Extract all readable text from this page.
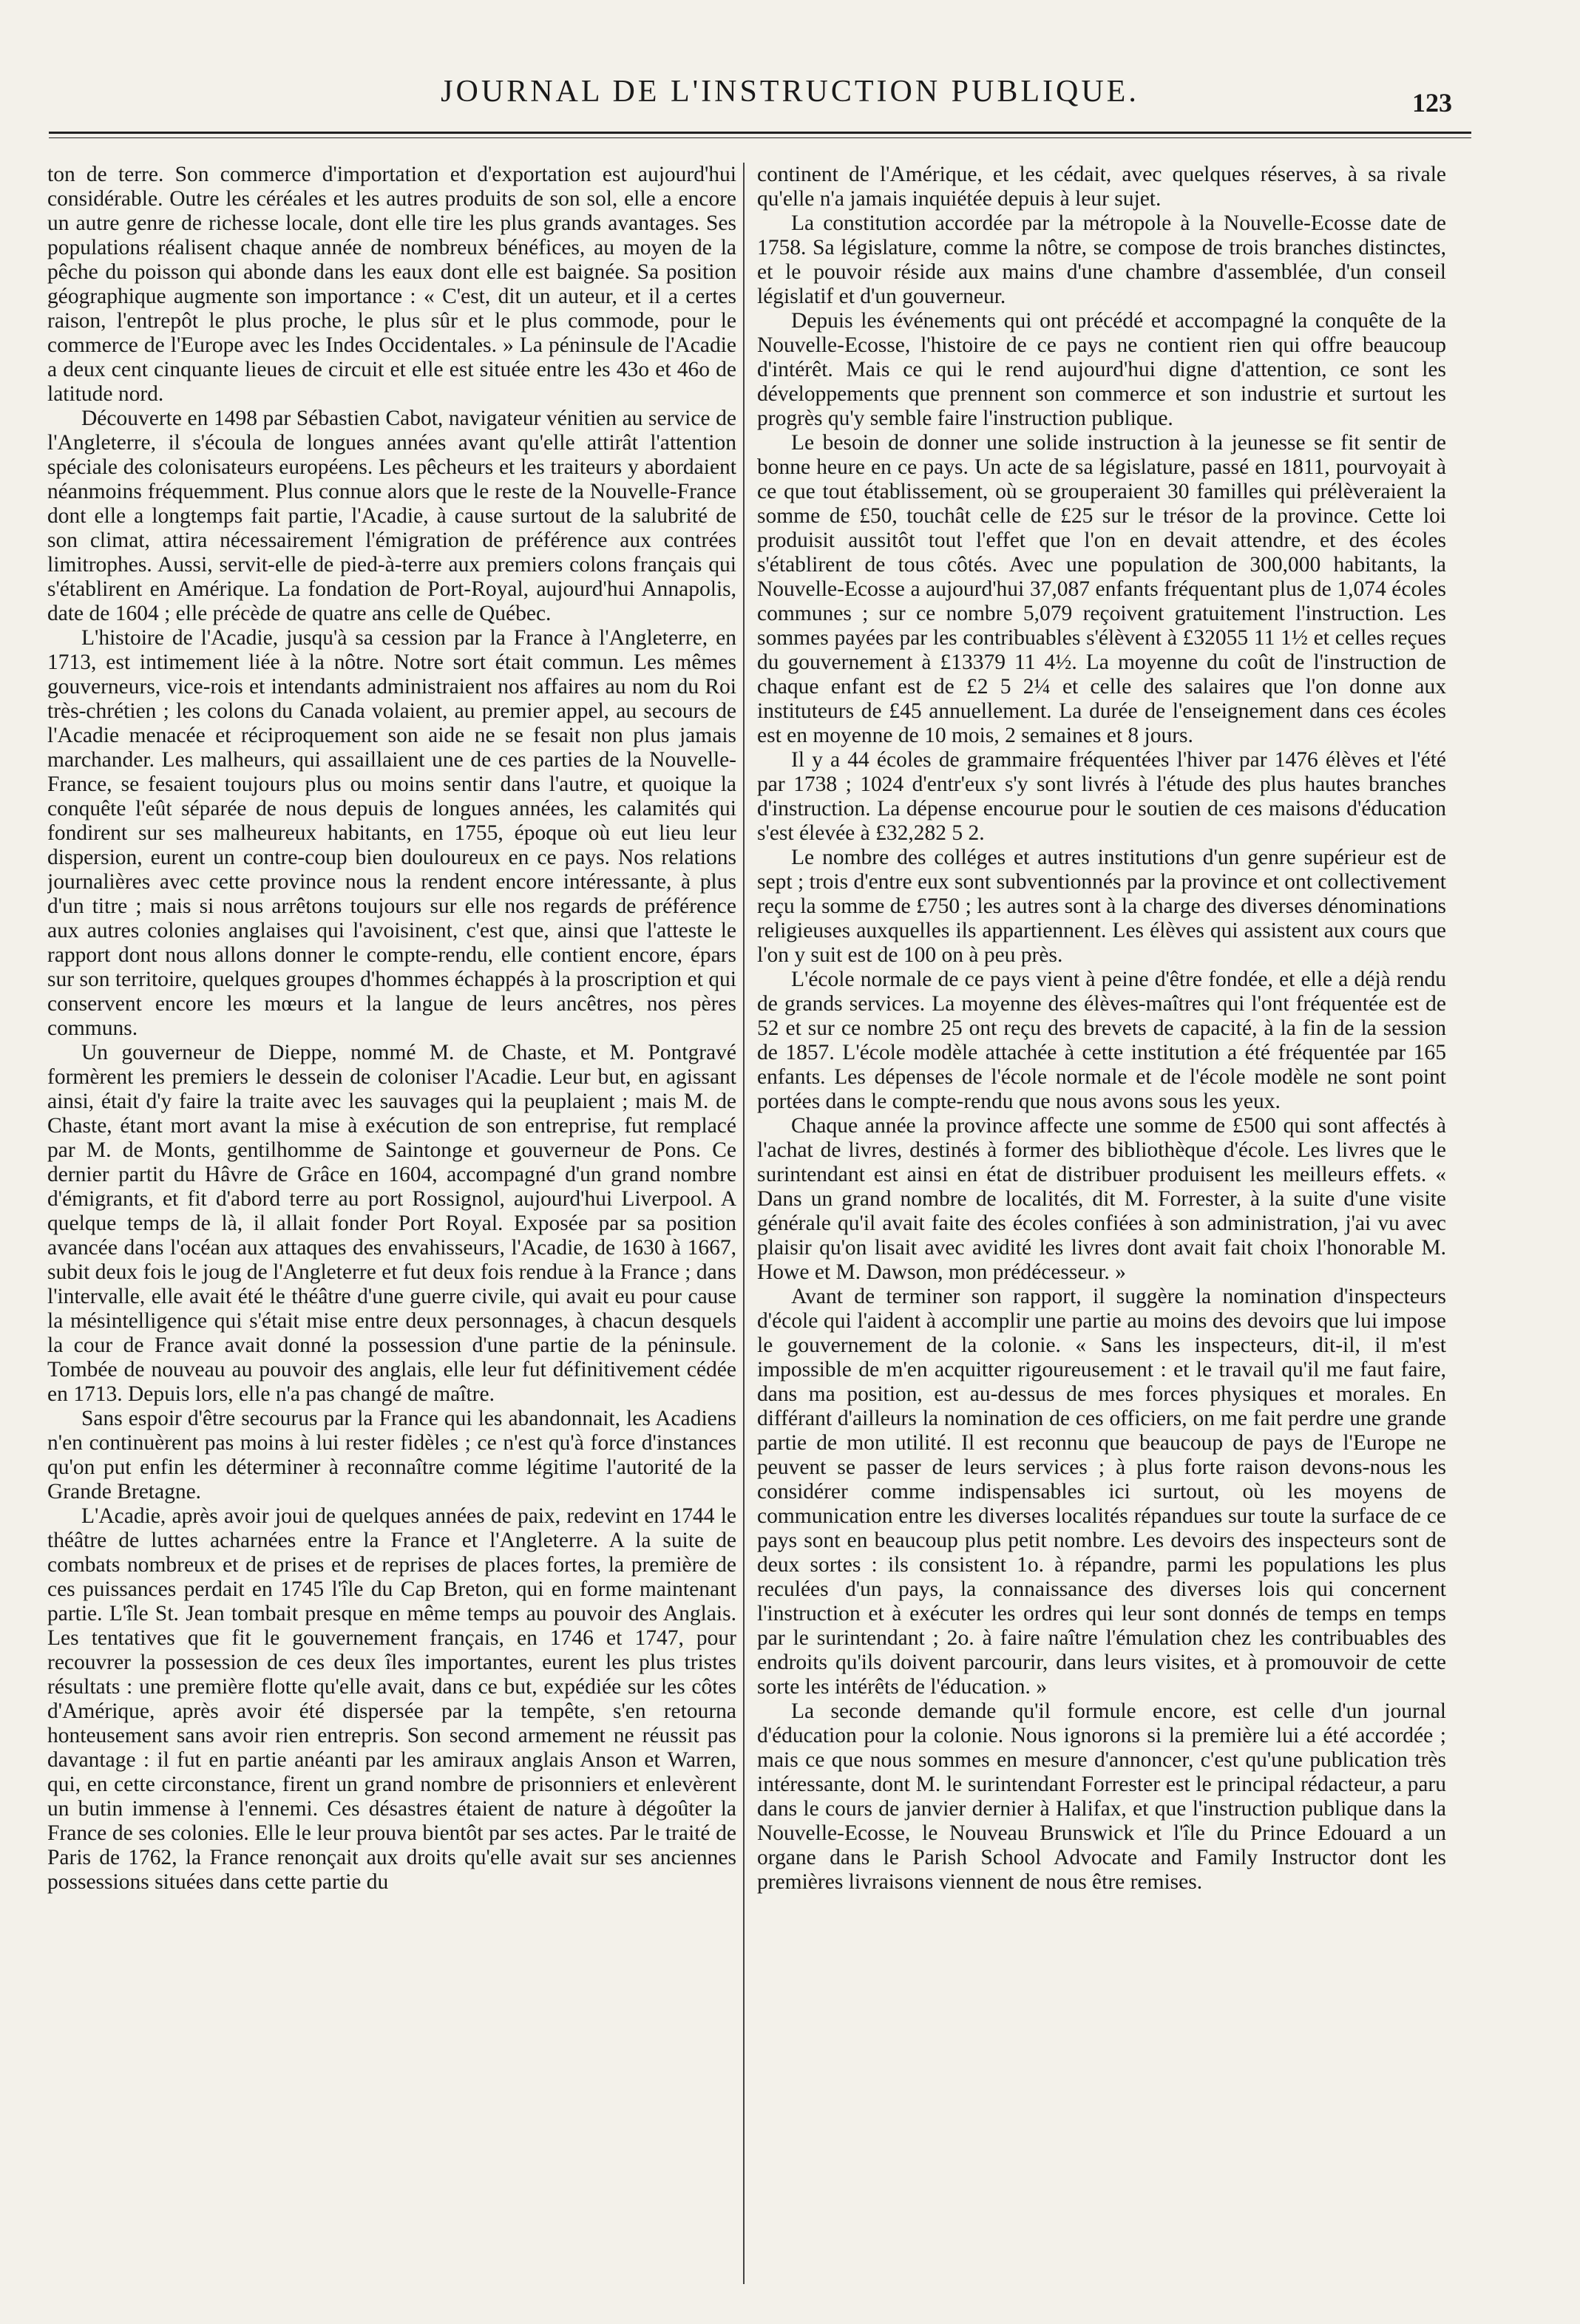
JOURNAL DE L'INSTRUCTION PUBLIQUE.	123

ton de terre. Son commerce d'importation et d'exportation est aujourd'hui considérable. Outre les céréales et les autres produits de son sol, elle a encore un autre genre de richesse locale, dont elle tire les plus grands avantages. Ses populations réalisent chaque année de nombreux bénéfices, au moyen de la pêche du poisson qui abonde dans les eaux dont elle est baignée. Sa position géographique augmente son importance : « C'est, dit un auteur, et il a certes raison, l'entrepôt le plus proche, le plus sûr et le plus commode, pour le commerce de l'Europe avec les Indes Occidentales. » La péninsule de l'Acadie a deux cent cinquante lieues de circuit et elle est située entre les 43o et 46o de latitude nord.

Découverte en 1498 par Sébastien Cabot, navigateur vénitien au service de l'Angleterre, il s'écoula de longues années avant qu'elle attirât l'attention spéciale des colonisateurs européens. Les pêcheurs et les traiteurs y abordaient néanmoins fréquemment. Plus connue alors que le reste de la Nouvelle-France dont elle a longtemps fait partie, l'Acadie, à cause surtout de la salubrité de son climat, attira nécessairement l'émigration de préférence aux contrées limitrophes. Aussi, servit-elle de pied-à-terre aux premiers colons français qui s'établirent en Amérique. La fondation de Port-Royal, aujourd'hui Annapolis, date de 1604 ; elle précède de quatre ans celle de Québec.

L'histoire de l'Acadie, jusqu'à sa cession par la France à l'Angleterre, en 1713, est intimement liée à la nôtre. Notre sort était commun. Les mêmes gouverneurs, vice-rois et intendants administraient nos affaires au nom du Roi très-chrétien ; les colons du Canada volaient, au premier appel, au secours de l'Acadie menacée et réciproquement son aide ne se fesait non plus jamais marchander. Les malheurs, qui assaillaient une de ces parties de la Nouvelle-France, se fesaient toujours plus ou moins sentir dans l'autre, et quoique la conquête l'eût séparée de nous depuis de longues années, les calamités qui fondirent sur ses malheureux habitants, en 1755, époque où eut lieu leur dispersion, eurent un contre-coup bien douloureux en ce pays. Nos relations journalières avec cette province nous la rendent encore intéressante, à plus d'un titre ; mais si nous arrêtons toujours sur elle nos regards de préférence aux autres colonies anglaises qui l'avoisinent, c'est que, ainsi que l'atteste le rapport dont nous allons donner le compte-rendu, elle contient encore, épars sur son territoire, quelques groupes d'hommes échappés à la proscription et qui conservent encore les mœurs et la langue de leurs ancêtres, nos pères communs.

Un gouverneur de Dieppe, nommé M. de Chaste, et M. Pontgravé formèrent les premiers le dessein de coloniser l'Acadie. Leur but, en agissant ainsi, était d'y faire la traite avec les sauvages qui la peuplaient ; mais M. de Chaste, étant mort avant la mise à exécution de son entreprise, fut remplacé par M. de Monts, gentilhomme de Saintonge et gouverneur de Pons. Ce dernier partit du Hâvre de Grâce en 1604, accompagné d'un grand nombre d'émigrants, et fit d'abord terre au port Rossignol, aujourd'hui Liverpool. A quelque temps de là, il allait fonder Port Royal. Exposée par sa position avancée dans l'océan aux attaques des envahisseurs, l'Acadie, de 1630 à 1667, subit deux fois le joug de l'Angleterre et fut deux fois rendue à la France ; dans l'intervalle, elle avait été le théâtre d'une guerre civile, qui avait eu pour cause la mésintelligence qui s'était mise entre deux personnages, à chacun desquels la cour de France avait donné la possession d'une partie de la péninsule. Tombée de nouveau au pouvoir des anglais, elle leur fut définitivement cédée en 1713. Depuis lors, elle n'a pas changé de maître.

Sans espoir d'être secourus par la France qui les abandonnait, les Acadiens n'en continuèrent pas moins à lui rester fidèles ; ce n'est qu'à force d'instances qu'on put enfin les déterminer à reconnaître comme légitime l'autorité de la Grande Bretagne.

L'Acadie, après avoir joui de quelques années de paix, redevint en 1744 le théâtre de luttes acharnées entre la France et l'Angleterre. A la suite de combats nombreux et de prises et de reprises de places fortes, la première de ces puissances perdait en 1745 l'île du Cap Breton, qui en forme maintenant partie. L'île St. Jean tombait presque en même temps au pouvoir des Anglais. Les tentatives que fit le gouvernement français, en 1746 et 1747, pour recouvrer la possession de ces deux îles importantes, eurent les plus tristes résultats : une première flotte qu'elle avait, dans ce but, expédiée sur les côtes d'Amérique, après avoir été dispersée par la tempête, s'en retourna honteusement sans avoir rien entrepris. Son second armement ne réussit pas davantage : il fut en partie anéanti par les amiraux anglais Anson et Warren, qui, en cette circonstance, firent un grand nombre de prisonniers et enlevèrent un butin immense à l'ennemi. Ces désastres étaient de nature à dégoûter la France de ses colonies. Elle le leur prouva bientôt par ses actes. Par le traité de Paris de 1762, la France renonçait aux droits qu'elle avait sur ses anciennes possessions situées dans cette partie du

continent de l'Amérique, et les cédait, avec quelques réserves, à sa rivale qu'elle n'a jamais inquiétée depuis à leur sujet.

La constitution accordée par la métropole à la Nouvelle-Ecosse date de 1758. Sa législature, comme la nôtre, se compose de trois branches distinctes, et le pouvoir réside aux mains d'une chambre d'assemblée, d'un conseil législatif et d'un gouverneur.

Depuis les événements qui ont précédé et accompagné la conquête de la Nouvelle-Ecosse, l'histoire de ce pays ne contient rien qui offre beaucoup d'intérêt. Mais ce qui le rend aujourd'hui digne d'attention, ce sont les développements que prennent son commerce et son industrie et surtout les progrès qu'y semble faire l'instruction publique.

Le besoin de donner une solide instruction à la jeunesse se fit sentir de bonne heure en ce pays. Un acte de sa législature, passé en 1811, pourvoyait à ce que tout établissement, où se grouperaient 30 familles qui prélèveraient la somme de £50, touchât celle de £25 sur le trésor de la province. Cette loi produisit aussitôt tout l'effet que l'on en devait attendre, et des écoles s'établirent de tous côtés. Avec une population de 300,000 habitants, la Nouvelle-Ecosse a aujourd'hui 37,087 enfants fréquentant plus de 1,074 écoles communes ; sur ce nombre 5,079 reçoivent gratuitement l'instruction. Les sommes payées par les contribuables s'élèvent à £32055 11 1½ et celles reçues du gouvernement à £13379 11 4½. La moyenne du coût de l'instruction de chaque enfant est de £2 5 2¼ et celle des salaires que l'on donne aux instituteurs de £45 annuellement. La durée de l'enseignement dans ces écoles est en moyenne de 10 mois, 2 semaines et 8 jours.

Il y a 44 écoles de grammaire fréquentées l'hiver par 1476 élèves et l'été par 1738 ; 1024 d'entr'eux s'y sont livrés à l'étude des plus hautes branches d'instruction. La dépense encourue pour le soutien de ces maisons d'éducation s'est élevée à £32,282 5 2.

Le nombre des colléges et autres institutions d'un genre supérieur est de sept ; trois d'entre eux sont subventionnés par la province et ont collectivement reçu la somme de £750 ; les autres sont à la charge des diverses dénominations religieuses auxquelles ils appartiennent. Les élèves qui assistent aux cours que l'on y suit est de 100 on à peu près.

L'école normale de ce pays vient à peine d'être fondée, et elle a déjà rendu de grands services. La moyenne des élèves-maîtres qui l'ont fréquentée est de 52 et sur ce nombre 25 ont reçu des brevets de capacité, à la fin de la session de 1857. L'école modèle attachée à cette institution a été fréquentée par 165 enfants. Les dépenses de l'école normale et de l'école modèle ne sont point portées dans le compte-rendu que nous avons sous les yeux.

Chaque année la province affecte une somme de £500 qui sont affectés à l'achat de livres, destinés à former des bibliothèque d'école. Les livres que le surintendant est ainsi en état de distribuer produisent les meilleurs effets. « Dans un grand nombre de localités, dit M. Forrester, à la suite d'une visite générale qu'il avait faite des écoles confiées à son administration, j'ai vu avec plaisir qu'on lisait avec avidité les livres dont avait fait choix l'honorable M. Howe et M. Dawson, mon prédécesseur. »

Avant de terminer son rapport, il suggère la nomination d'inspecteurs d'école qui l'aident à accomplir une partie au moins des devoirs que lui impose le gouvernement de la colonie. « Sans les inspecteurs, dit-il, il m'est impossible de m'en acquitter rigoureusement : et le travail qu'il me faut faire, dans ma position, est au-dessus de mes forces physiques et morales. En différant d'ailleurs la nomination de ces officiers, on me fait perdre une grande partie de mon utilité. Il est reconnu que beaucoup de pays de l'Europe ne peuvent se passer de leurs services ; à plus forte raison devons-nous les considérer comme indispensables ici surtout, où les moyens de communication entre les diverses localités répandues sur toute la surface de ce pays sont en beaucoup plus petit nombre. Les devoirs des inspecteurs sont de deux sortes : ils consistent 1o. à répandre, parmi les populations les plus reculées d'un pays, la connaissance des diverses lois qui concernent l'instruction et à exécuter les ordres qui leur sont donnés de temps en temps par le surintendant ; 2o. à faire naître l'émulation chez les contribuables des endroits qu'ils doivent parcourir, dans leurs visites, et à promouvoir de cette sorte les intérêts de l'éducation. »

La seconde demande qu'il formule encore, est celle d'un journal d'éducation pour la colonie. Nous ignorons si la première lui a été accordée ; mais ce que nous sommes en mesure d'annoncer, c'est qu'une publication très intéressante, dont M. le surintendant Forrester est le principal rédacteur, a paru dans le cours de janvier dernier à Halifax, et que l'instruction publique dans la Nouvelle-Ecosse, le Nouveau Brunswick et l'île du Prince Edouard a un organe dans le Parish School Advocate and Family Instructor dont les premières livraisons viennent de nous être remises.
